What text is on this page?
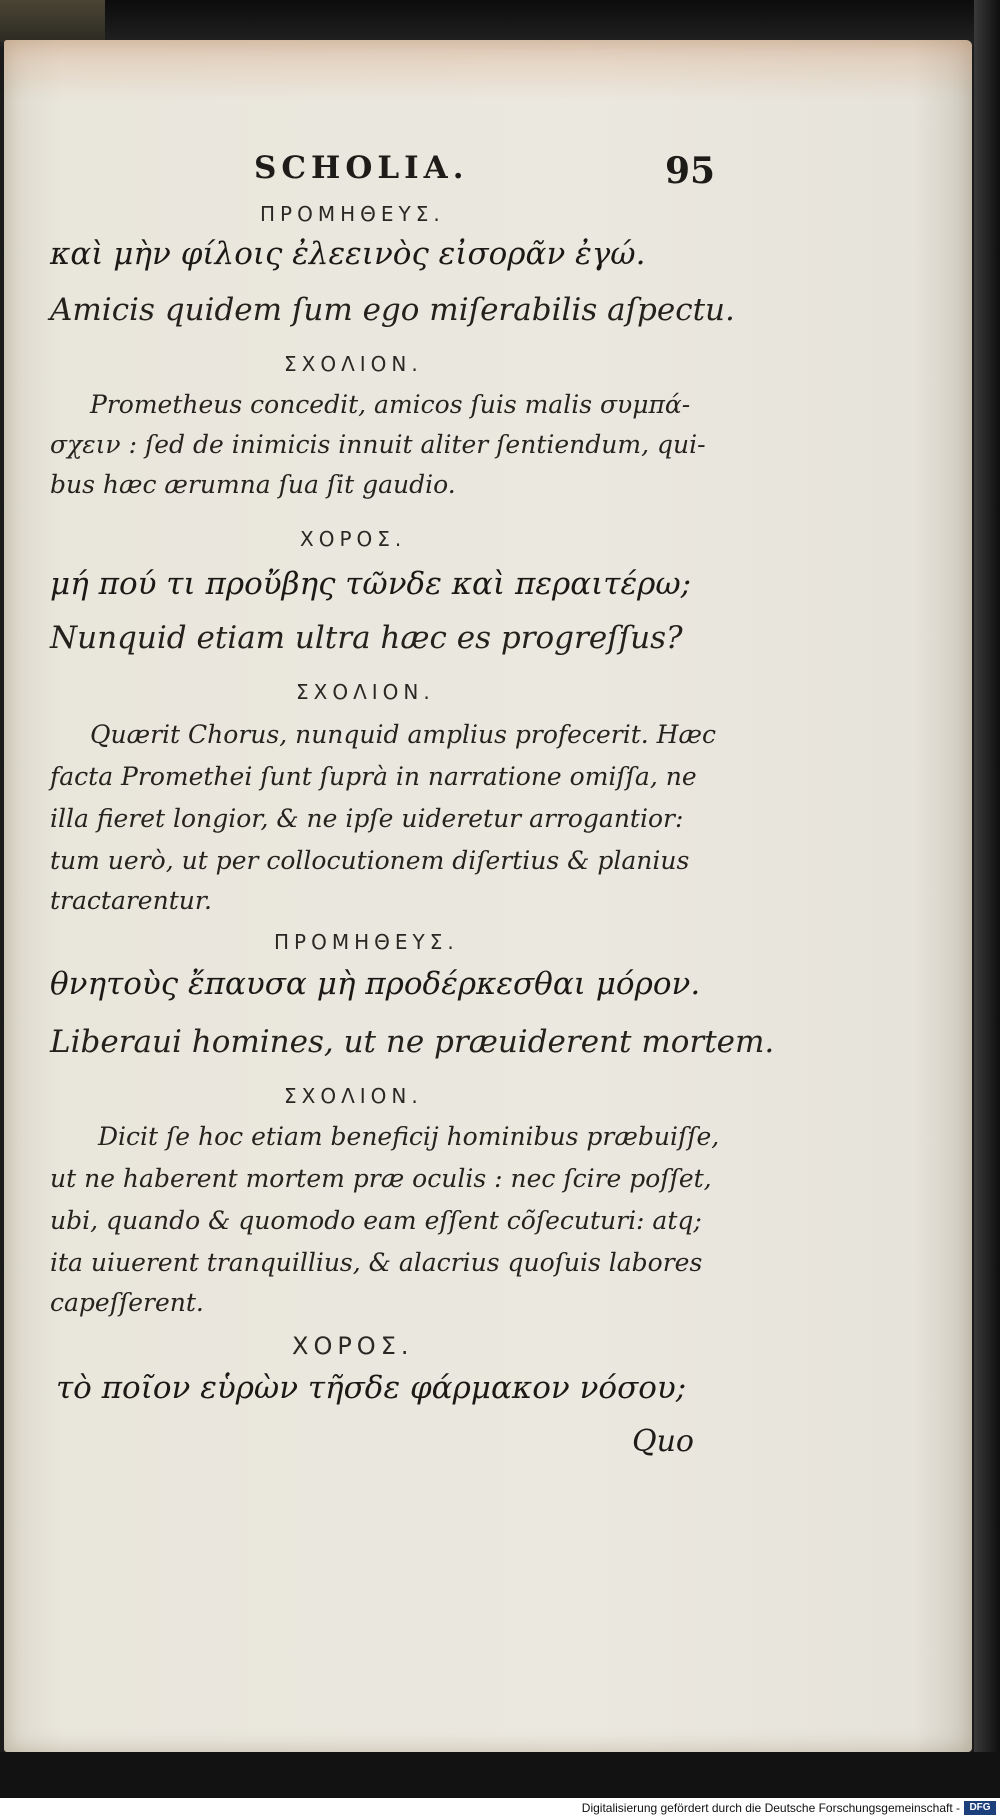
SCHOLIA.	95
ΠΡΟΜΗΘΕΥΣ.
καὶ μὴν φίλοις ἐλεεινὸς εἰσορᾶν ἐγώ.
Amicis quidem ſum ego miſerabilis aſpectu.
ΣΧΟΛΙΟΝ.
Prometheus concedit, amicos ſuis malis συμπά-
σχειν : ſed de inimicis innuit aliter ſentiendum, qui-
bus hæc ærumna ſua ſit gaudio.
ΧΟΡΟΣ.
μή πού τι προὔβης τῶνδε καὶ περαιτέρω;
Nunquid etiam ultra hæc es progreſſus?
ΣΧΟΛΙΟΝ.
Quærit Chorus, nunquid amplius profecerit. Hæc
facta Promethei ſunt ſuprà in narratione omiſſa, ne
illa fieret longior, & ne ipſe uideretur arrogantior:
tum uerò, ut per collocutionem diſertius & planius
tractarentur.
ΠΡΟΜΗΘΕΥΣ.
θνητοὺς ἔπαυσα μὴ προδέρκεσθαι μόρον.
Liberaui homines, ut ne præuiderent mortem.
ΣΧΟΛΙΟΝ.
Dicit ſe hoc etiam beneficij hominibus præbuiſſe,
ut ne haberent mortem præ oculis : nec ſcire poſſet,
ubi, quando & quomodo eam eſſent cõſecuturi: atq;
ita uiuerent tranquillius, & alacrius quoſuis labores
capeſſerent.
ΧΟΡΟΣ.
τὸ ποῖον εὑρὼν τῆσδε φάρμακον νόσου;
Quo
Digitalisierung gefördert durch die Deutsche Forschungsgemeinschaft - DFG
